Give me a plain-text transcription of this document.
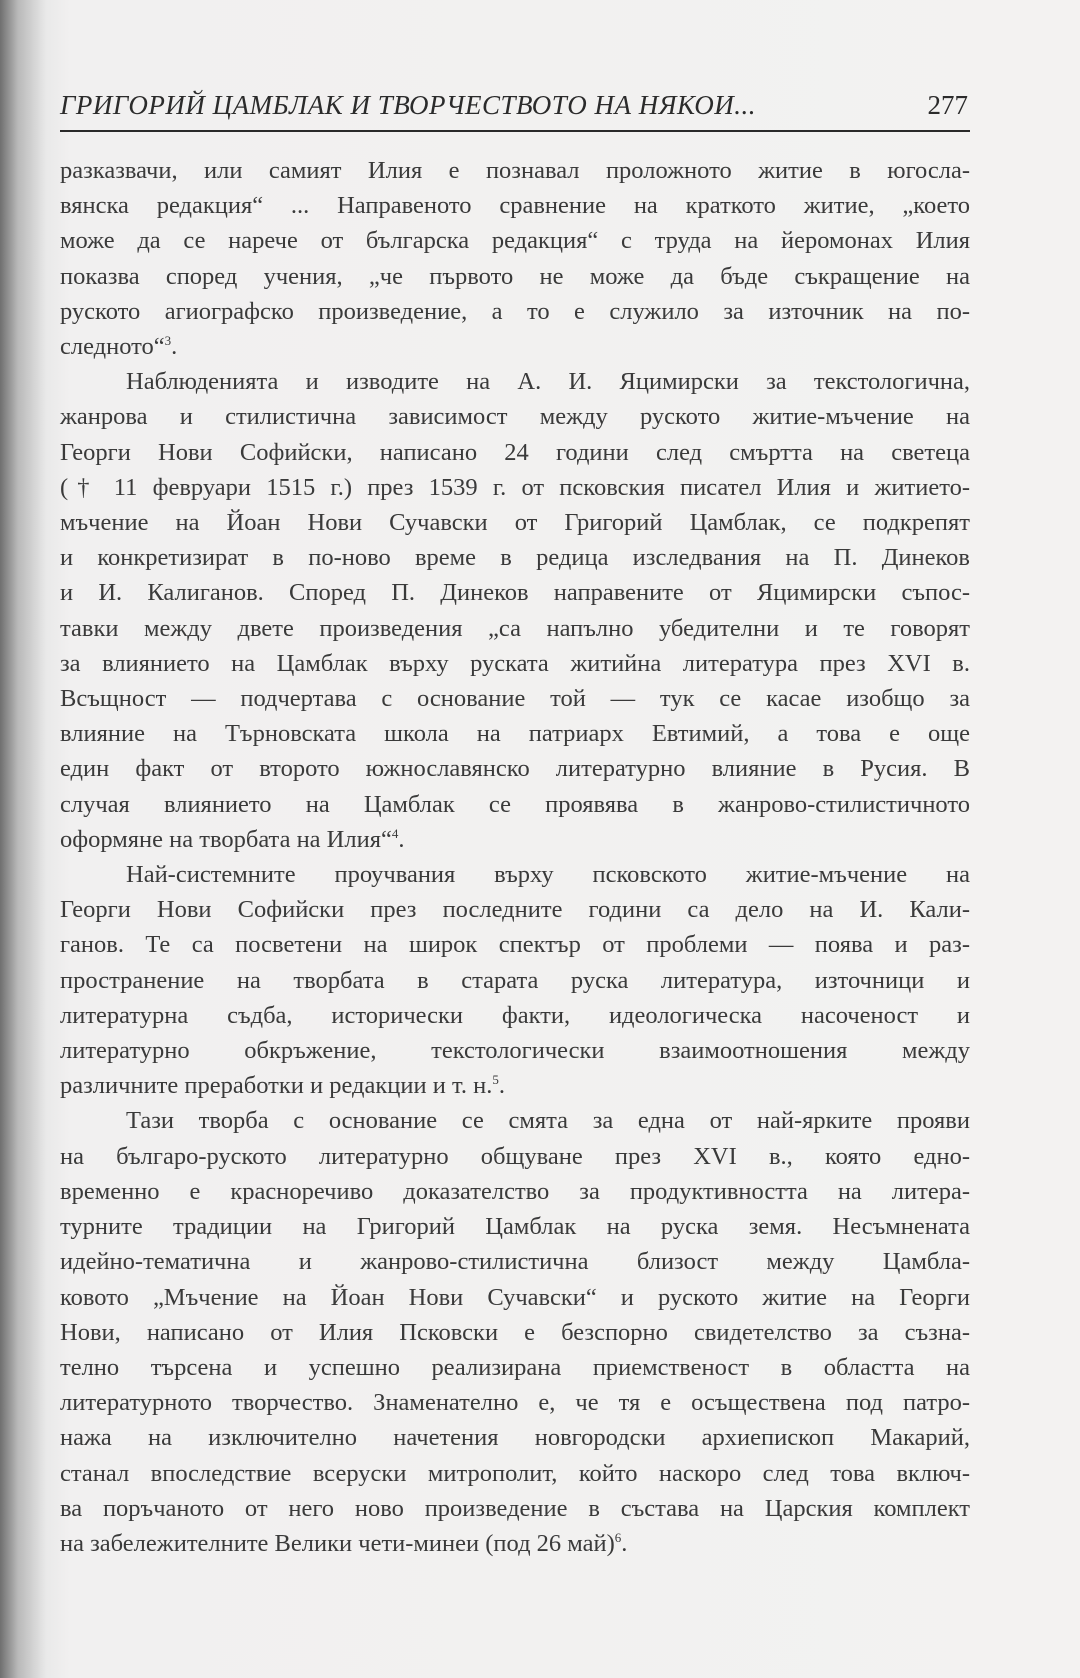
ГРИГОРИЙ ЦАМБЛАК И ТВОРЧЕСТВОТО НА НЯКОИ...	277
разказвачи, или самият Илия е познавал проложното житие в югосла-
вянска редакция“ ... Направеното сравнение на краткото житие, „което
може да се нарече от българска редакция“ с труда на йеромонах Илия
показва според учения, „че първото не може да бъде съкращение на
руското агиографско произведение, а то е служило за източник на по-
следното“$^3$.
Наблюденията и изводите на А. И. Яцимирски за текстологична,
жанрова и стилистична зависимост между руското житие-мъчение на
Георги Нови Софийски, написано 24 години след смъртта на светеца
(† 11 февруари 1515 г.) през 1539 г. от псковския писател Илия и житието-
мъчение на Йоан Нови Сучавски от Григорий Цамблак, се подкрепят
и конкретизират в по-ново време в редица изследвания на П. Динеков
и И. Калиганов. Според П. Динеков направените от Яцимирски съпос-
тавки между двете произведения „са напълно убедителни и те говорят
за влиянието на Цамблак върху руската житийна литература през XVI в.
Всъщност — подчертава с основание той — тук се касае изобщо за
влияние на Търновската школа на патриарх Евтимий, а това е още
един факт от второто южнославянско литературно влияние в Русия. В
случая влиянието на Цамблак се проявява в жанрово-стилистичното
оформяне на творбата на Илия“$^4$.
Най-системните проучвания върху псковското житие-мъчение на
Георги Нови Софийски през последните години са дело на И. Кали-
ганов. Те са посветени на широк спектър от проблеми — поява и раз-
пространение на творбата в старата руска литература, източници и
литературна съдба, исторически факти, идеологическа насоченост и
литературно обкръжение, текстологически взаимоотношения между
различните преработки и редакции и т. н.$^5$.
Тази творба с основание се смята за една от най-ярките прояви
на българо-руското литературно общуване през XVI в., която едно-
временно е красноречиво доказателство за продуктивността на литера-
турните традиции на Григорий Цамблак на руска земя. Несъмнената
идейно-тематична и жанрово-стилистична близост между Цамбла-
ковото „Мъчение на Йоан Нови Сучавски“ и руското житие на Георги
Нови, написано от Илия Псковски е безспорно свидетелство за съзна-
телно търсена и успешно реализирана приемственост в областта на
литературното творчество. Знаменателно е, че тя е осъществена под патро-
нажа на изключително начетения новгородски архиепископ Макарий,
станал впоследствие всеруски митрополит, който наскоро след това включ-
ва поръчаното от него ново произведение в състава на Царския комплект
на забележителните Велики чети-минеи (под 26 май)$^6$.
